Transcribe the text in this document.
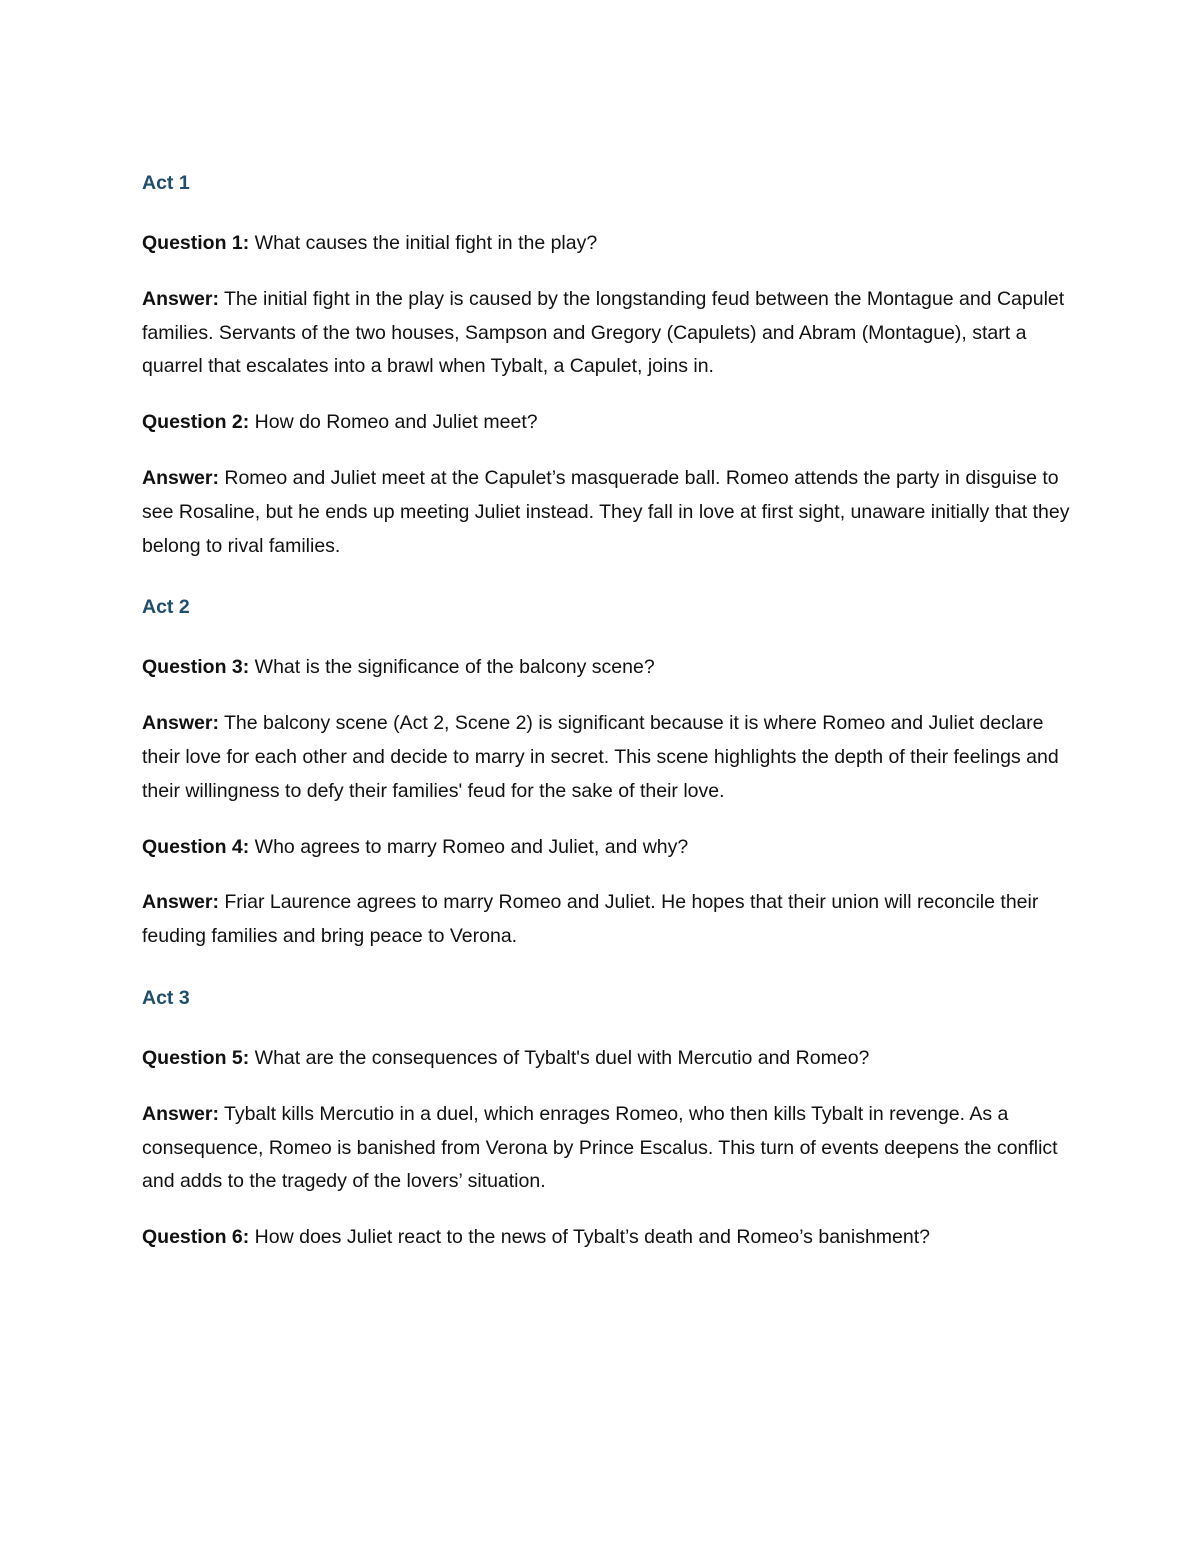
Act 1

Question 1: What causes the initial fight in the play?

Answer: The initial fight in the play is caused by the longstanding feud between the Montague and Capulet families. Servants of the two houses, Sampson and Gregory (Capulets) and Abram (Montague), start a quarrel that escalates into a brawl when Tybalt, a Capulet, joins in.

Question 2: How do Romeo and Juliet meet?

Answer: Romeo and Juliet meet at the Capulet’s masquerade ball. Romeo attends the party in disguise to see Rosaline, but he ends up meeting Juliet instead. They fall in love at first sight, unaware initially that they belong to rival families.

Act 2

Question 3: What is the significance of the balcony scene?

Answer: The balcony scene (Act 2, Scene 2) is significant because it is where Romeo and Juliet declare their love for each other and decide to marry in secret. This scene highlights the depth of their feelings and their willingness to defy their families' feud for the sake of their love.

Question 4: Who agrees to marry Romeo and Juliet, and why?

Answer: Friar Laurence agrees to marry Romeo and Juliet. He hopes that their union will reconcile their feuding families and bring peace to Verona.

Act 3

Question 5: What are the consequences of Tybalt's duel with Mercutio and Romeo?

Answer: Tybalt kills Mercutio in a duel, which enrages Romeo, who then kills Tybalt in revenge. As a consequence, Romeo is banished from Verona by Prince Escalus. This turn of events deepens the conflict and adds to the tragedy of the lovers’ situation.

Question 6: How does Juliet react to the news of Tybalt’s death and Romeo’s banishment?
